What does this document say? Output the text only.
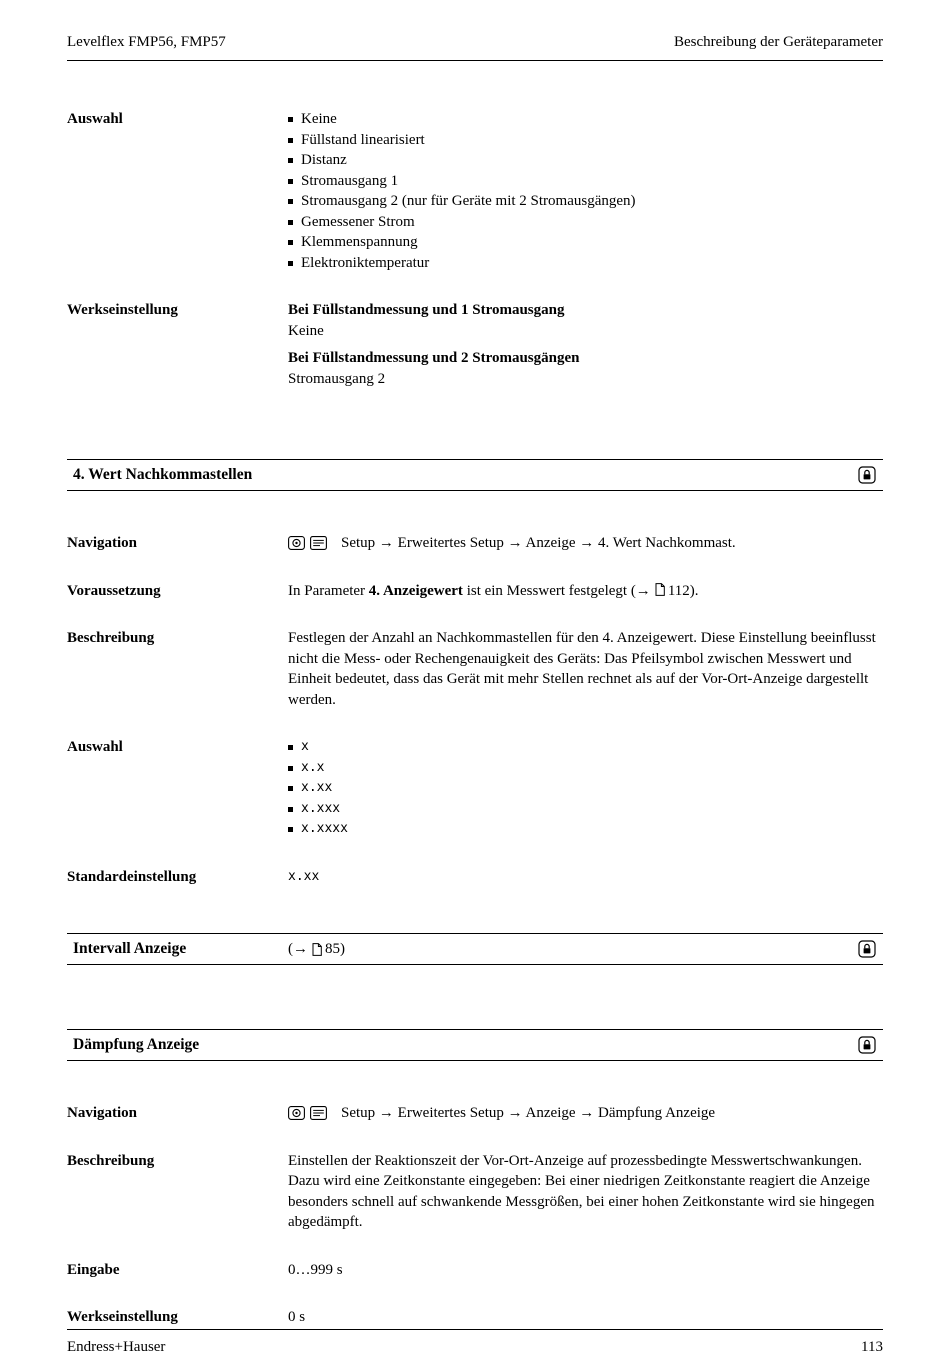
Levelflex FMP56, FMP57	Beschreibung der Geräteparameter
Auswahl	Keine
Füllstand linearisiert
Distanz
Stromausgang 1
Stromausgang 2 (nur für Geräte mit 2 Stromausgängen)
Gemessener Strom
Klemmenspannung
Elektroniktemperatur
Werkseinstellung	Bei Füllstandmessung und 1 Stromausgang
Keine
Bei Füllstandmessung und 2 Stromausgängen
Stromausgang 2
4. Wert Nachkommastellen
Navigation	Setup → Erweitertes Setup → Anzeige → 4. Wert Nachkommast.
Voraussetzung	In Parameter 4. Anzeigewert ist ein Messwert festgelegt (→ 112).
Beschreibung	Festlegen der Anzahl an Nachkommastellen für den 4. Anzeigewert. Diese Einstellung beeinflusst nicht die Mess- oder Rechengenauigkeit des Geräts: Das Pfeilsymbol zwischen Messwert und Einheit bedeutet, dass das Gerät mit mehr Stellen rechnet als auf der Vor-Ort-Anzeige dargestellt werden.
Auswahl	x
x.x
x.xx
x.xxx
x.xxxx
Standardeinstellung	x.xx
Intervall Anzeige	(→ 85)
Dämpfung Anzeige
Navigation	Setup → Erweitertes Setup → Anzeige → Dämpfung Anzeige
Beschreibung	Einstellen der Reaktionszeit der Vor-Ort-Anzeige auf prozessbedingte Messwertschwankungen. Dazu wird eine Zeitkonstante eingegeben: Bei einer niedrigen Zeitkonstante reagiert die Anzeige besonders schnell auf schwankende Messgrößen, bei einer hohen Zeitkonstante wird sie hingegen abgedämpft.
Eingabe	0…999 s
Werkseinstellung	0 s
Endress+Hauser	113
